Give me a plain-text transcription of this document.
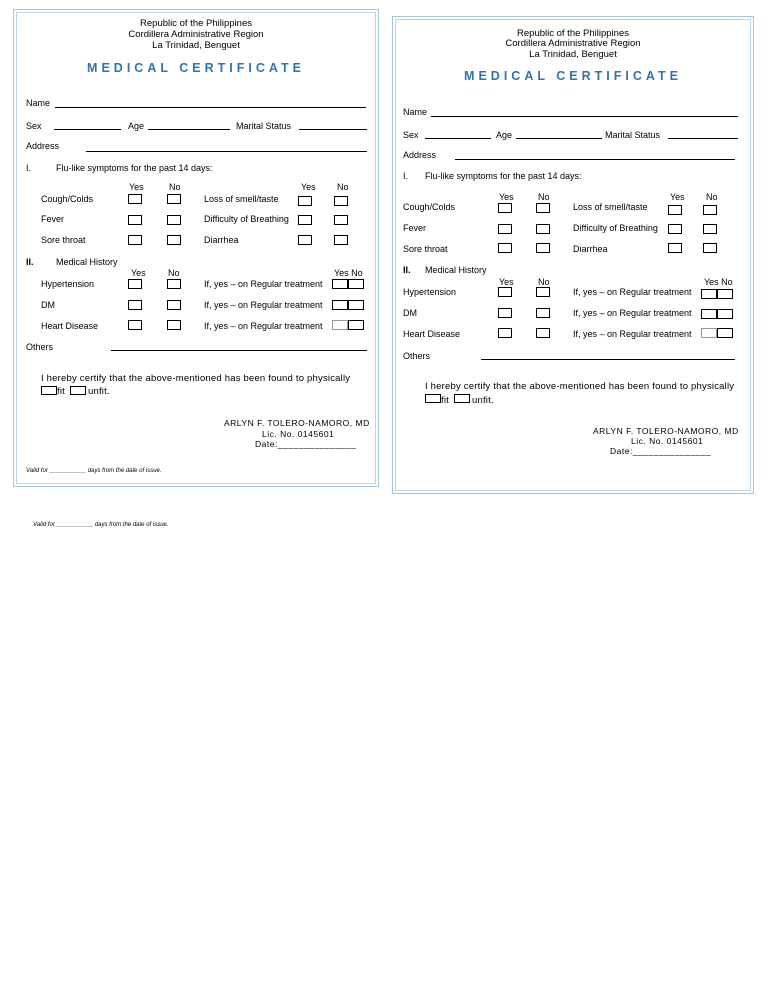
Republic of the Philippines
Cordillera Administrative Region
La Trinidad, Benguet
MEDICAL CERTIFICATE
Name
Sex	Age	Marital Status
Address
I.	Flu-like symptoms for the past 14 days:
Yes	No	Yes No
Cough/Colds	Loss of smell/taste
Fever	Difficulty of Breathing
Sore throat	Diarrhea
II. Medical History
Yes No	Yes No
Hypertension	If, yes – on Regular treatment
DM	If, yes – on Regular treatment
Heart Disease	If, yes – on Regular treatment
Others
I hereby certify that the above-mentioned has been found to physically
fit unfit.
ARLYN F. TOLERO-NAMORO, MD
Lic. No. 0145601
Date:_______________
Valid for ___________ days from the date of issue.
Republic of the Philippines
Cordillera Administrative Region
La Trinidad, Benguet
MEDICAL CERTIFICATE
Name
Sex	Age	Marital Status
Address
I. Flu-like symptoms for the past 14 days:
Yes	No	Yes No
Cough/Colds	Loss of smell/taste
Fever	Difficulty of Breathing
Sore throat	Diarrhea
II. Medical History
Yes	No	Yes No
Hypertension	If, yes – on Regular treatment
DM	If, yes – on Regular treatment
Heart Disease	If, yes – on Regular treatment
Others
I hereby certify that the above-mentioned has been found to physically
fit unfit.
ARLYN F. TOLERO-NAMORO, MD
Lic. No. 0145601
Date:_______________
Valid for ___________ days from the date of issue.
